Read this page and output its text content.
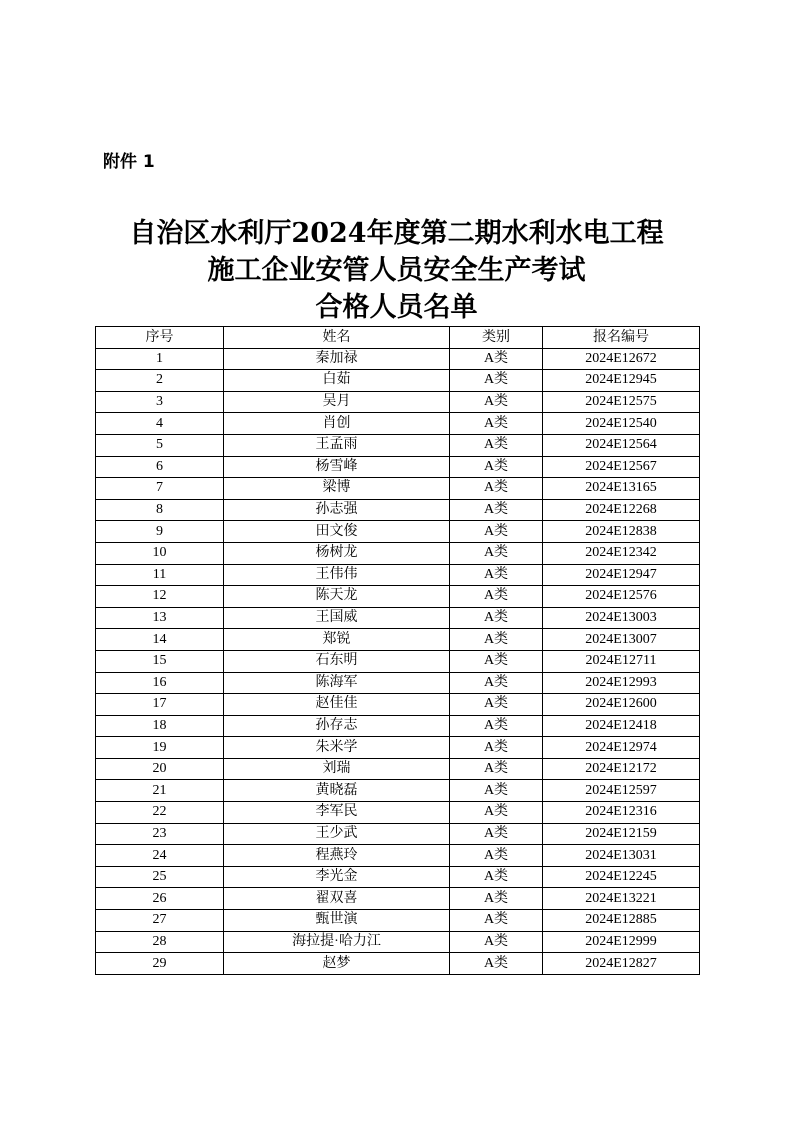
附件 1
自治区水利厅2024年度第二期水利水电工程
施工企业安管人员安全生产考试
合格人员名单
序号	姓名	类别	报名编号
1	秦加禄	A类	2024E12672
2	白茹	A类	2024E12945
3	吴月	A类	2024E12575
4	肖创	A类	2024E12540
5	王孟雨	A类	2024E12564
6	杨雪峰	A类	2024E12567
7	梁博	A类	2024E13165
8	孙志强	A类	2024E12268
9	田文俊	A类	2024E12838
10	杨树龙	A类	2024E12342
11	王伟伟	A类	2024E12947
12	陈天龙	A类	2024E12576
13	王国威	A类	2024E13003
14	郑锐	A类	2024E13007
15	石东明	A类	2024E12711
16	陈海军	A类	2024E12993
17	赵佳佳	A类	2024E12600
18	孙存志	A类	2024E12418
19	朱米学	A类	2024E12974
20	刘瑞	A类	2024E12172
21	黄晓磊	A类	2024E12597
22	李军民	A类	2024E12316
23	王少武	A类	2024E12159
24	程燕玲	A类	2024E13031
25	李光金	A类	2024E12245
26	翟双喜	A类	2024E13221
27	甄世演	A类	2024E12885
28	海拉提·哈力江	A类	2024E12999
29	赵梦	A类	2024E12827
